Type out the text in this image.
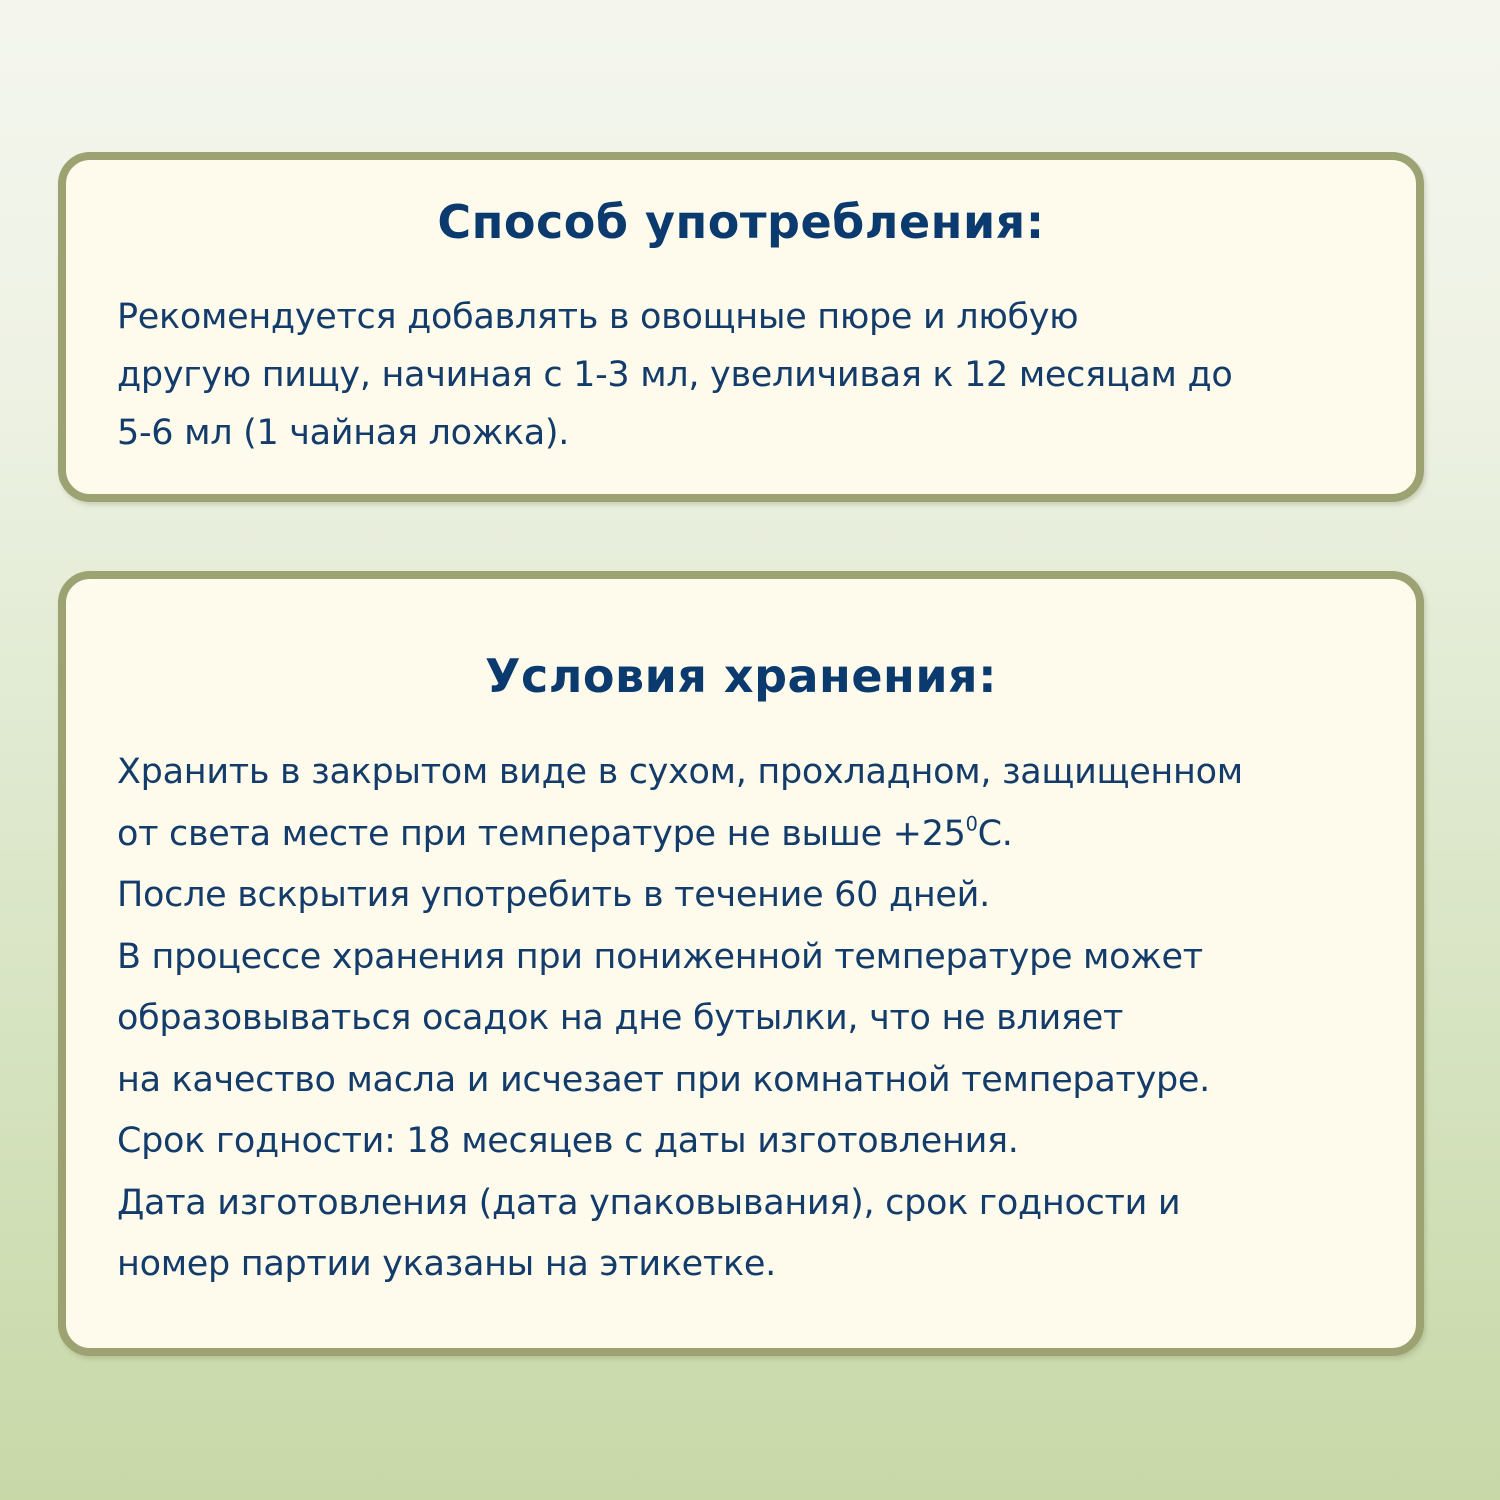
Способ употребления:
Рекомендуется добавлять в овощные пюре и любую
другую пищу, начиная с 1-3 мл, увеличивая к 12 месяцам до
5-6 мл (1 чайная ложка).
Условия хранения:
Хранить в закрытом виде в сухом, прохладном, защищенном
от света месте при температуре не выше $+25^0С$.
После вскрытия употребить в течение 60 дней.
В процессе хранения при пониженной температуре может
образовываться осадок на дне бутылки, что не влияет
на качество масла и исчезает при комнатной температуре.
Срок годности: 18 месяцев с даты изготовления.
Дата изготовления (дата упаковывания), срок годности и
номер партии указаны на этикетке.
